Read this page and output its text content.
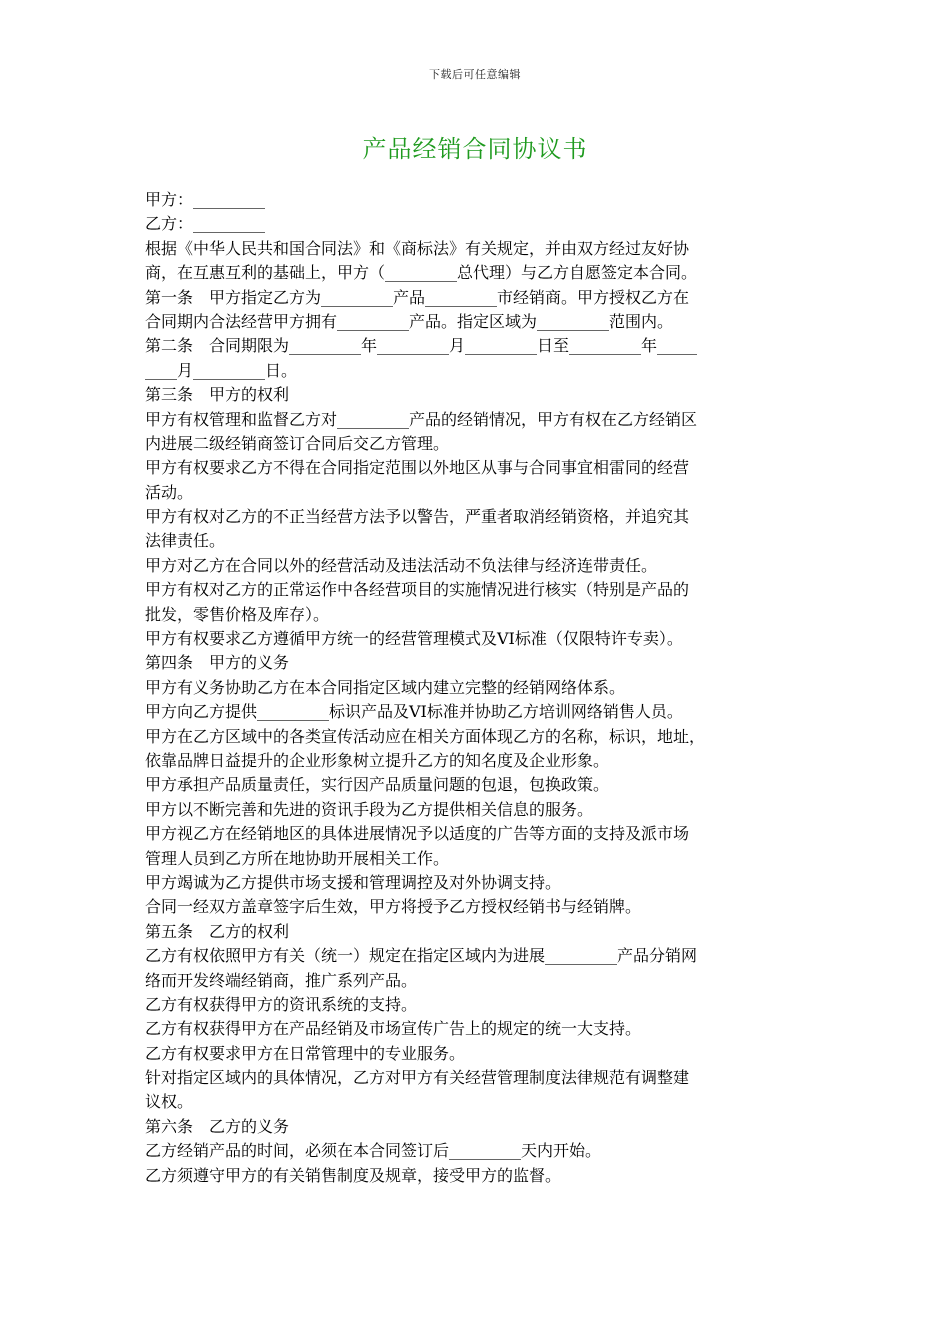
下载后可任意编辑
产品经销合同协议书
甲方：_________
乙方：_________
根据《中华人民共和国合同法》和《商标法》有关规定，并由双方经过友好协
商，在互惠互利的基础上，甲方（_________总代理）与乙方自愿签定本合同。
第一条　甲方指定乙方为_________产品_________市经销商。甲方授权乙方在
合同期内合法经营甲方拥有_________产品。指定区域为_________范围内。
第二条　合同期限为_________年_________月_________日至_________年_____
____月_________日。
第三条　甲方的权利
甲方有权管理和监督乙方对_________产品的经销情况，甲方有权在乙方经销区
内进展二级经销商签订合同后交乙方管理。
甲方有权要求乙方不得在合同指定范围以外地区从事与合同事宜相雷同的经营
活动。
甲方有权对乙方的不正当经营方法予以警告，严重者取消经销资格，并追究其
法律责任。
甲方对乙方在合同以外的经营活动及违法活动不负法律与经济连带责任。
甲方有权对乙方的正常运作中各经营项目的实施情况进行核实（特别是产品的
批发，零售价格及库存）。
甲方有权要求乙方遵循甲方统一的经营管理模式及VI标准（仅限特许专卖）。
第四条　甲方的义务
甲方有义务协助乙方在本合同指定区域内建立完整的经销网络体系。
甲方向乙方提供_________标识产品及VI标准并协助乙方培训网络销售人员。
甲方在乙方区域中的各类宣传活动应在相关方面体现乙方的名称，标识，地址，
依靠品牌日益提升的企业形象树立提升乙方的知名度及企业形象。
甲方承担产品质量责任，实行因产品质量问题的包退，包换政策。
甲方以不断完善和先进的资讯手段为乙方提供相关信息的服务。
甲方视乙方在经销地区的具体进展情况予以适度的广告等方面的支持及派市场
管理人员到乙方所在地协助开展相关工作。
甲方竭诚为乙方提供市场支援和管理调控及对外协调支持。
合同一经双方盖章签字后生效，甲方将授予乙方授权经销书与经销牌。
第五条　乙方的权利
乙方有权依照甲方有关（统一）规定在指定区域内为进展_________产品分销网
络而开发终端经销商，推广系列产品。
乙方有权获得甲方的资讯系统的支持。
乙方有权获得甲方在产品经销及市场宣传广告上的规定的统一大支持。
乙方有权要求甲方在日常管理中的专业服务。
针对指定区域内的具体情况，乙方对甲方有关经营管理制度法律规范有调整建
议权。
第六条　乙方的义务
乙方经销产品的时间，必须在本合同签订后_________天内开始。
乙方须遵守甲方的有关销售制度及规章，接受甲方的监督。
